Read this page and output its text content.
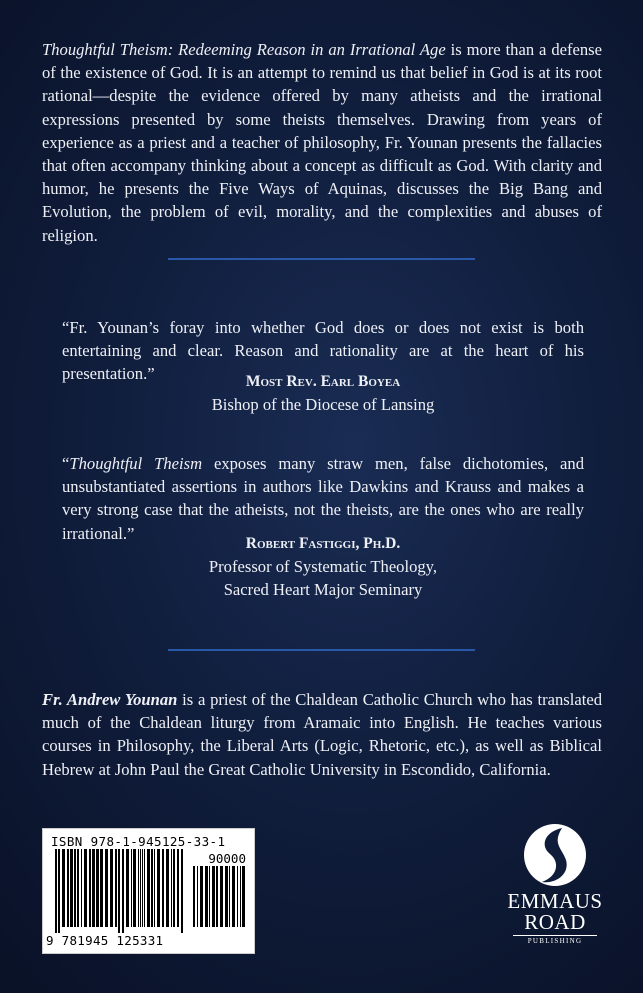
Thoughtful Theism: Redeeming Reason in an Irrational Age is more than a defense of the existence of God. It is an attempt to remind us that belief in God is at its root rational—despite the evidence offered by many atheists and the irrational expressions presented by some theists themselves. Drawing from years of experience as a priest and a teacher of philosophy, Fr. Younan presents the fallacies that often accompany thinking about a concept as difficult as God. With clarity and humor, he presents the Five Ways of Aquinas, discusses the Big Bang and Evolution, the problem of evil, morality, and the complexities and abuses of religion.

“Fr. Younan’s foray into whether God does or does not exist is both entertaining and clear. Reason and rationality are at the heart of his presentation.”	Most Rev. Earl Boyea
Bishop of the Diocese of Lansing

“Thoughtful Theism exposes many straw men, false dichotomies, and unsubstantiated assertions in authors like Dawkins and Krauss and makes a very strong case that the atheists, not the theists, are the ones who are really irrational.”

Robert Fastiggi, Ph.D.
Professor of Systematic Theology,
Sacred Heart Major Seminary

Fr. Andrew Younan is a priest of the Chaldean Catholic Church who has translated much of the Chaldean liturgy from Aramaic into English. He teaches various courses in Philosophy, the Liberal Arts (Logic, Rhetoric, etc.), as well as Biblical Hebrew at John Paul the Great Catholic University in Escondido, California.

ISBN 978-1-945125-33-1
90000
9 781945 125331
EMMAUS
ROAD
PUBLISHING
